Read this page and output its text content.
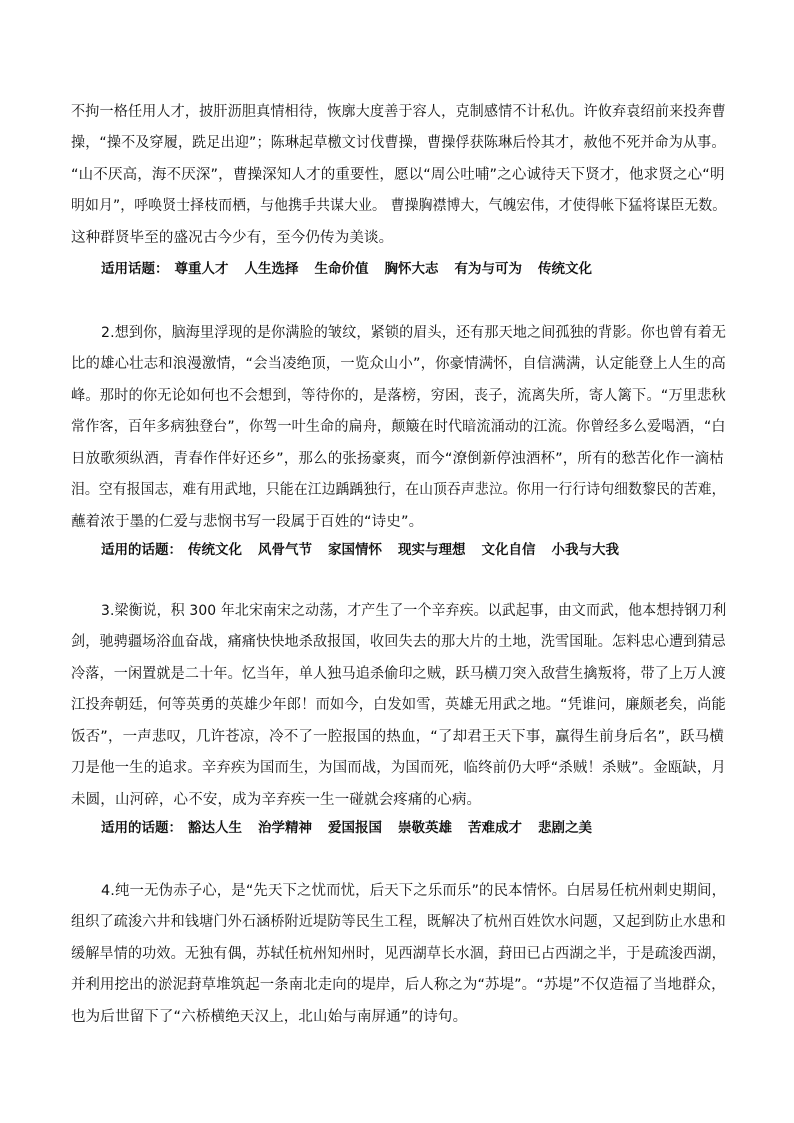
不拘一格任用人才，披肝沥胆真情相待，恢廓大度善于容人，克制感情不计私仇。许攸弃袁绍前来投奔曹
操，“操不及穿履，跣足出迎”；陈琳起草檄文讨伐曹操，曹操俘获陈琳后怜其才，赦他不死并命为从事。
“山不厌高，海不厌深”，曹操深知人才的重要性，愿以“周公吐哺”之心诚待天下贤才，他求贤之心“明
明如月”，呼唤贤士择枝而栖，与他携手共谋大业。 曹操胸襟博大，气魄宏伟，才使得帐下猛将谋臣无数。
这种群贤毕至的盛况古今少有，至今仍传为美谈。
适用话题： 尊重人才 人生选择 生命价值 胸怀大志 有为与可为 传统文化
2.想到你，脑海里浮现的是你满脸的皱纹，紧锁的眉头，还有那天地之间孤独的背影。你也曾有着无
比的雄心壮志和浪漫激情，“会当凌绝顶，一览众山小”，你豪情满怀，自信满满，认定能登上人生的高
峰。那时的你无论如何也不会想到，等待你的，是落榜，穷困，丧子，流离失所，寄人篱下。“万里悲秋
常作客，百年多病独登台”，你驾一叶生命的扁舟，颠簸在时代暗流涌动的江流。你曾经多么爱喝酒，“白
日放歌须纵酒，青春作伴好还乡”，那么的张扬豪爽，而今“潦倒新停浊酒杯”，所有的愁苦化作一滴枯
泪。空有报国志，难有用武地，只能在江边踽踽独行，在山顶吞声悲泣。你用一行行诗句细数黎民的苦难，
蘸着浓于墨的仁爱与悲悯书写一段属于百姓的“诗史”。
适用的话题： 传统文化 风骨气节 家国情怀 现实与理想 文化自信 小我与大我
3.梁衡说，积 300 年北宋南宋之动荡，才产生了一个辛弃疾。以武起事，由文而武，他本想持钢刀利
剑，驰骋疆场浴血奋战，痛痛快快地杀敌报国，收回失去的那大片的土地，洗雪国耻。怎料忠心遭到猜忌
冷落，一闲置就是二十年。忆当年，单人独马追杀偷印之贼，跃马横刀突入敌营生擒叛将，带了上万人渡
江投奔朝廷，何等英勇的英雄少年郎！而如今，白发如雪，英雄无用武之地。“凭谁问，廉颇老矣，尚能
饭否”，一声悲叹，几许苍凉，冷不了一腔报国的热血，“了却君王天下事，赢得生前身后名”，跃马横
刀是他一生的追求。辛弃疾为国而生，为国而战，为国而死，临终前仍大呼“杀贼！杀贼”。金瓯缺，月
未圆，山河碎，心不安，成为辛弃疾一生一碰就会疼痛的心病。
适用的话题： 豁达人生 治学精神 爱国报国 崇敬英雄 苦难成才 悲剧之美
4.纯一无伪赤子心，是“先天下之忧而忧，后天下之乐而乐”的民本情怀。白居易任杭州刺史期间，
组织了疏浚六井和钱塘门外石涵桥附近堤防等民生工程，既解决了杭州百姓饮水问题，又起到防止水患和
缓解旱情的功效。无独有偶，苏轼任杭州知州时，见西湖草长水涸，葑田已占西湖之半，于是疏浚西湖，
并利用挖出的淤泥葑草堆筑起一条南北走向的堤岸，后人称之为“苏堤”。“苏堤”不仅造福了当地群众，
也为后世留下了“六桥横绝天汉上，北山始与南屏通”的诗句。
